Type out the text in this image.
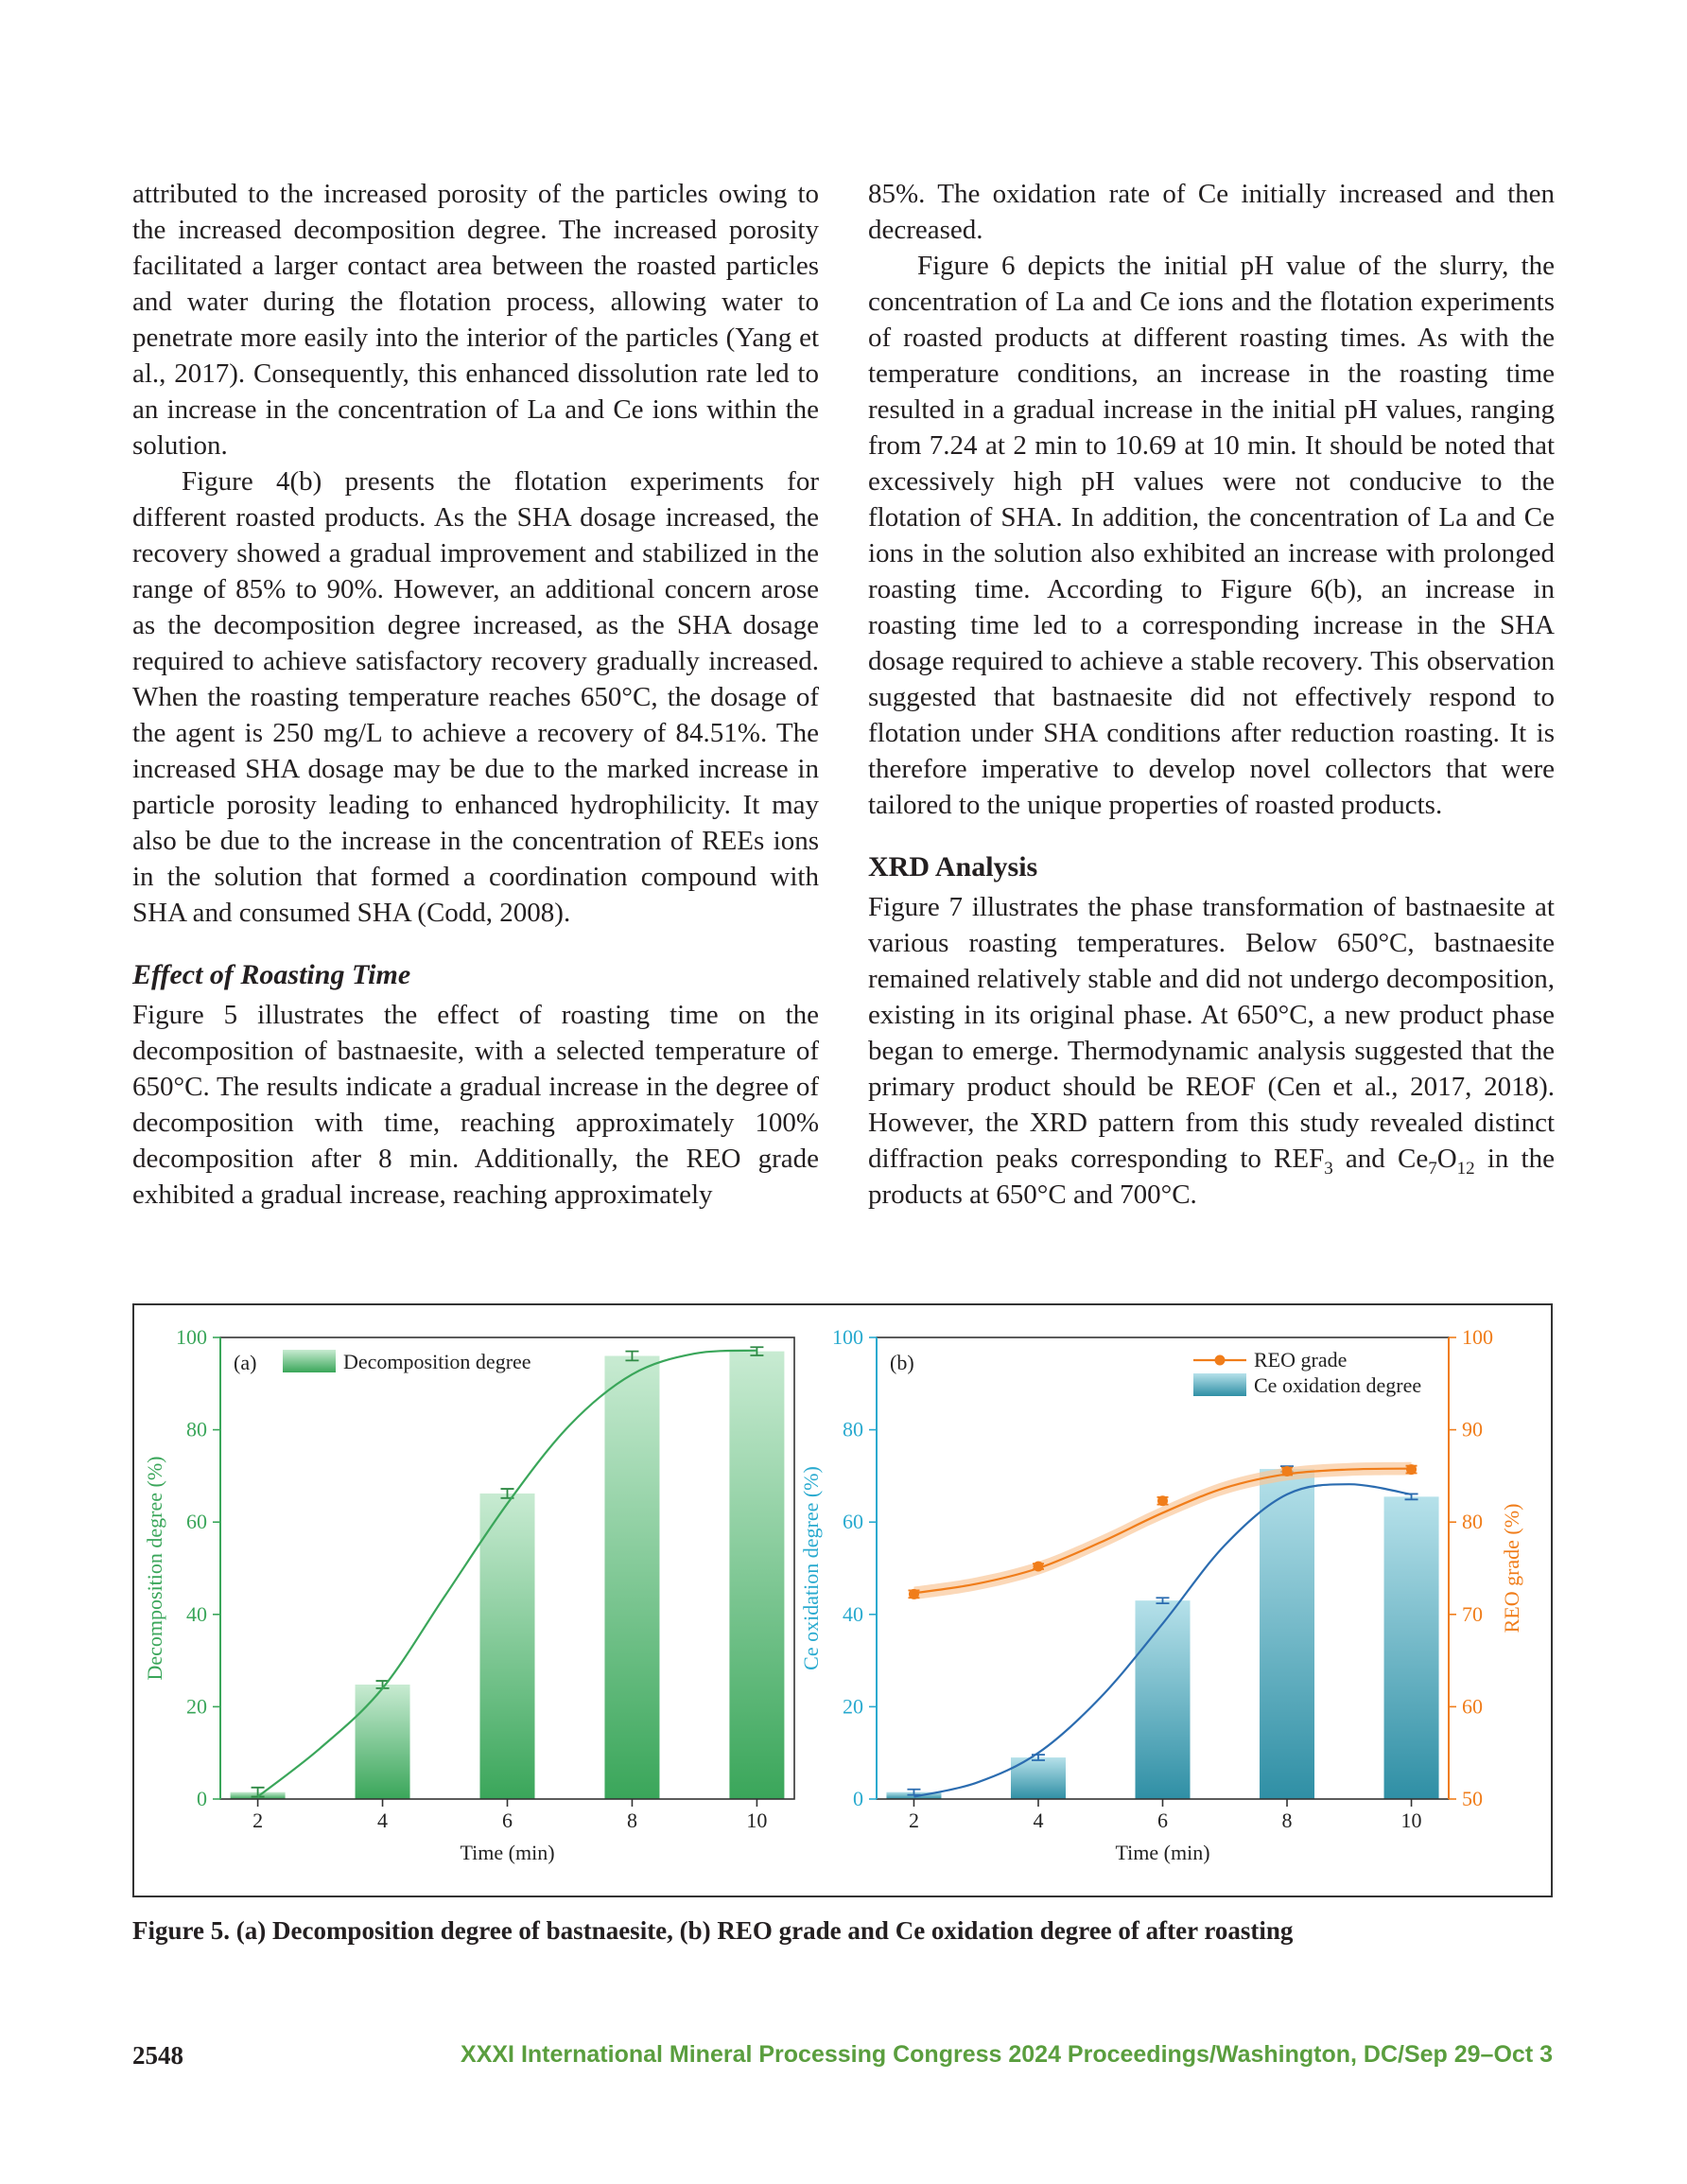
attributed to the increased porosity of the particles owing to the increased decomposition degree. The increased porosity facilitated a larger contact area between the roasted particles and water during the flotation process, allowing water to penetrate more easily into the interior of the particles (Yang et al., 2017). Consequently, this enhanced dissolution rate led to an increase in the concentration of La and Ce ions within the solution.

Figure 4(b) presents the flotation experiments for different roasted products. As the SHA dosage increased, the recovery showed a gradual improvement and stabilized in the range of 85% to 90%. However, an additional concern arose as the decomposition degree increased, as the SHA dosage required to achieve satisfactory recovery gradually increased. When the roasting temperature reaches 650°C, the dosage of the agent is 250 mg/L to achieve a recovery of 84.51%. The increased SHA dosage may be due to the marked increase in particle porosity leading to enhanced hydrophilicity. It may also be due to the increase in the concentration of REEs ions in the solution that formed a coordination compound with SHA and consumed SHA (Codd, 2008).

Effect of Roasting Time

Figure 5 illustrates the effect of roasting time on the decomposition of bastnaesite, with a selected temperature of 650°C. The results indicate a gradual increase in the degree of decomposition with time, reaching approximately 100% decomposition after 8 min. Additionally, the REO grade exhibited a gradual increase, reaching approximately

85%. The oxidation rate of Ce initially increased and then decreased.

Figure 6 depicts the initial pH value of the slurry, the concentration of La and Ce ions and the flotation experiments of roasted products at different roasting times. As with the temperature conditions, an increase in the roasting time resulted in a gradual increase in the initial pH values, ranging from 7.24 at 2 min to 10.69 at 10 min. It should be noted that excessively high pH values were not conducive to the flotation of SHA. In addition, the concentration of La and Ce ions in the solution also exhibited an increase with prolonged roasting time. According to Figure 6(b), an increase in roasting time led to a corresponding increase in the SHA dosage required to achieve a stable recovery. This observation suggested that bastnaesite did not effectively respond to flotation under SHA conditions after reduction roasting. It is therefore imperative to develop novel collectors that were tailored to the unique properties of roasted products.

XRD Analysis

Figure 7 illustrates the phase transformation of bastnaesite at various roasting temperatures. Below 650°C, bastnaesite remained relatively stable and did not undergo decomposition, existing in its original phase. At 650°C, a new product phase began to emerge. Thermodynamic analysis suggested that the primary product should be REOF (Cen et al., 2017, 2018). However, the XRD pattern from this study revealed distinct diffraction peaks corresponding to $REF_3$ and $Ce_7O_{12}$ in the products at 650°C and 700°C.

0
20
40
60
80
100
2	4	6	8	10
Time (min)
Decomposition degree (%)
(a)	Decomposition degree
0
20
40
60
80
100
2	4	6	8	10
Time (min)
Ce oxidation degree (%)
(b)
50
60
70
80
90
100
REO grade (%)
REO grade
Ce oxidation degree
Figure 5. (a) Decomposition degree of bastnaesite, (b) REO grade and Ce oxidation degree of after roasting
2548	XXXI International Mineral Processing Congress 2024 Proceedings/Washington, DC/Sep 29–Oct 3
